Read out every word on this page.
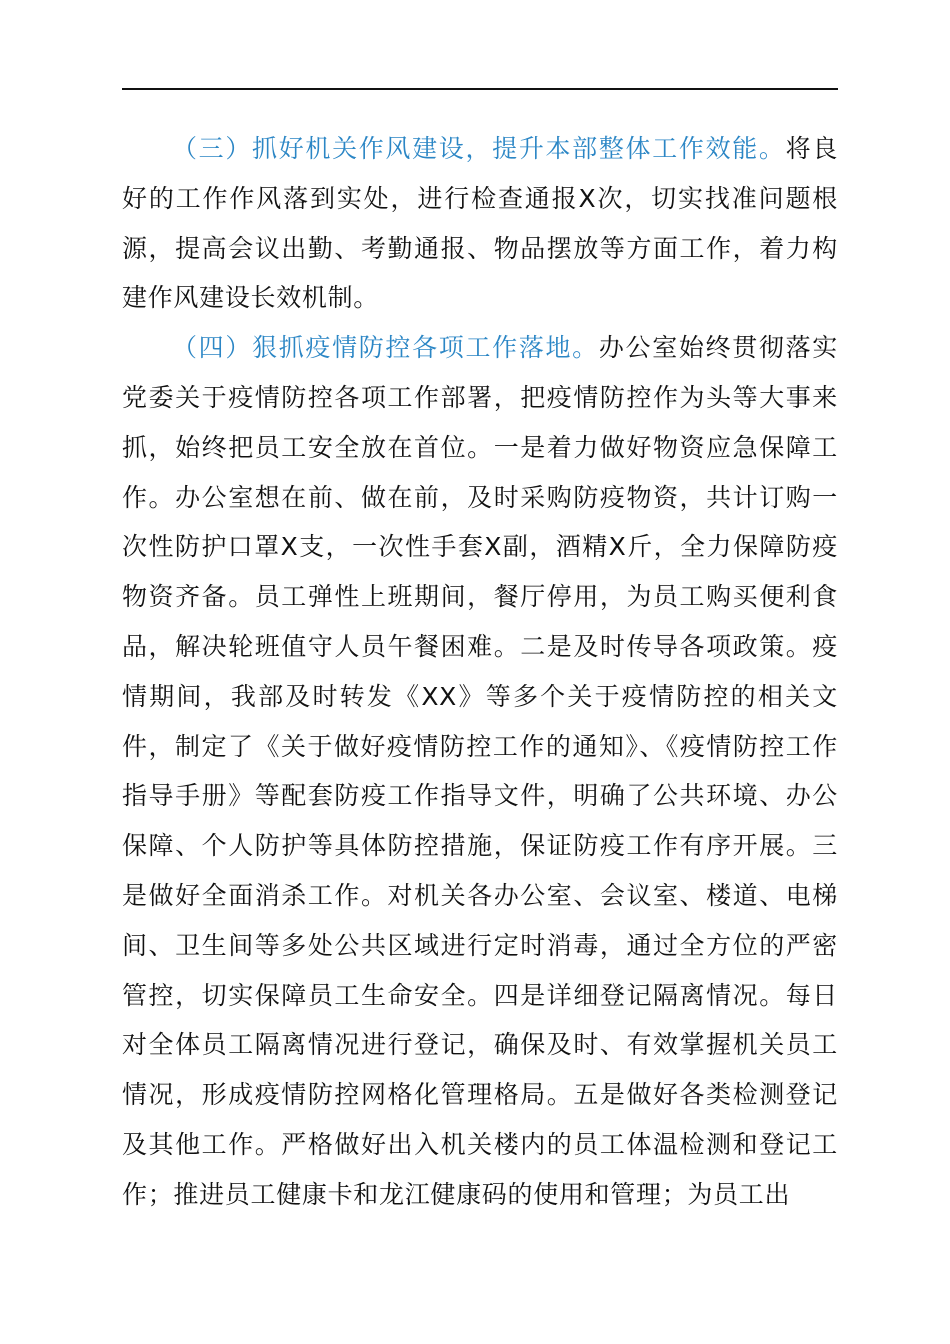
（三）抓好机关作风建设，提升本部整体工作效能。将良好的工作作风落到实处，进行检查通报X次，切实找准问题根源，提高会议出勤、考勤通报、物品摆放等方面工作，着力构建作风建设长效机制。

（四）狠抓疫情防控各项工作落地。办公室始终贯彻落实党委关于疫情防控各项工作部署，把疫情防控作为头等大事来抓，始终把员工安全放在首位。一是着力做好物资应急保障工作。办公室想在前、做在前，及时采购防疫物资，共计订购一次性防护口罩X支，一次性手套X副，酒精X斤，全力保障防疫物资齐备。员工弹性上班期间，餐厅停用，为员工购买便利食品，解决轮班值守人员午餐困难。二是及时传导各项政策。疫情期间，我部及时转发《XX》等多个关于疫情防控的相关文件，制定了《关于做好疫情防控工作的通知》、《疫情防控工作指导手册》等配套防疫工作指导文件，明确了公共环境、办公保障、个人防护等具体防控措施，保证防疫工作有序开展。三是做好全面消杀工作。对机关各办公室、会议室、楼道、电梯间、卫生间等多处公共区域进行定时消毒，通过全方位的严密管控，切实保障员工生命安全。四是详细登记隔离情况。每日对全体员工隔离情况进行登记，确保及时、有效掌握机关员工情况，形成疫情防控网格化管理格局。五是做好各类检测登记及其他工作。严格做好出入机关楼内的员工体温检测和登记工作；推进员工健康卡和龙江健康码的使用和管理；为员工出
